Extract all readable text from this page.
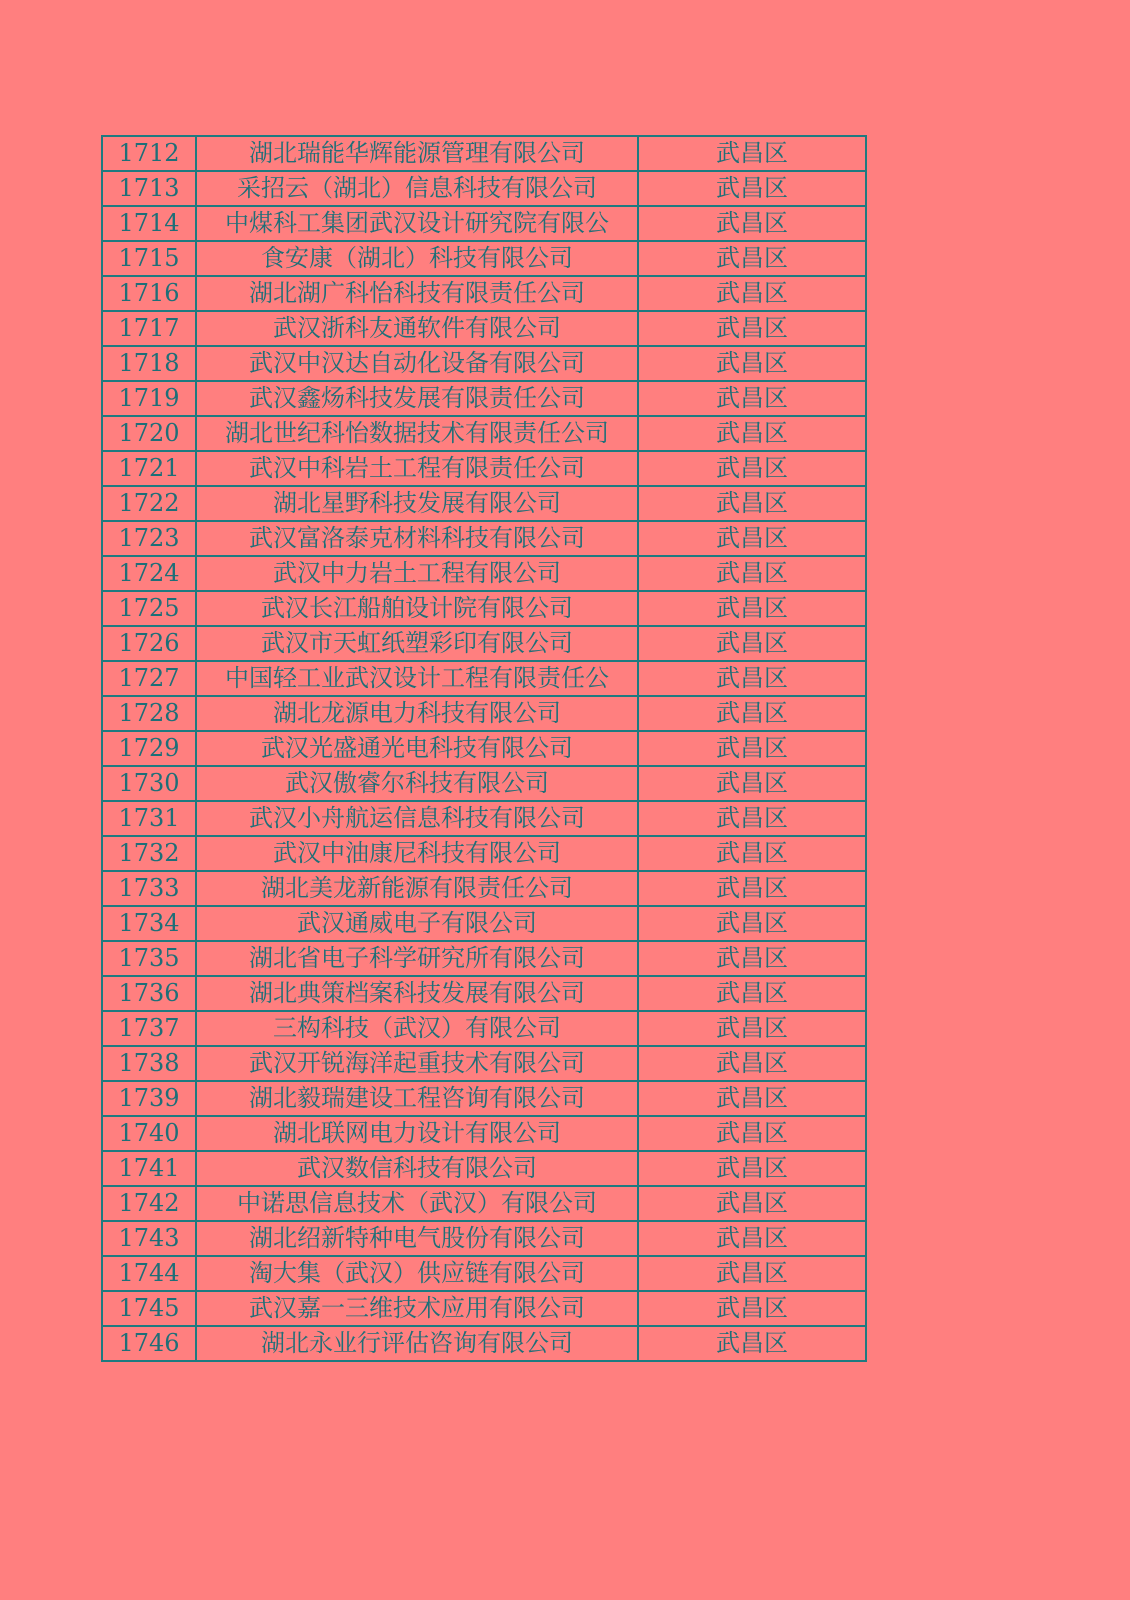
1712	湖北瑞能华辉能源管理有限公司	武昌区
1713	采招云（湖北）信息科技有限公司	武昌区
1714	中煤科工集团武汉设计研究院有限公	武昌区
1715	食安康（湖北）科技有限公司	武昌区
1716	湖北湖广科怡科技有限责任公司	武昌区
1717	武汉浙科友通软件有限公司	武昌区
1718	武汉中汉达自动化设备有限公司	武昌区
1719	武汉鑫炀科技发展有限责任公司	武昌区
1720	湖北世纪科怡数据技术有限责任公司	武昌区
1721	武汉中科岩土工程有限责任公司	武昌区
1722	湖北星野科技发展有限公司	武昌区
1723	武汉富洛泰克材料科技有限公司	武昌区
1724	武汉中力岩土工程有限公司	武昌区
1725	武汉长江船舶设计院有限公司	武昌区
1726	武汉市天虹纸塑彩印有限公司	武昌区
1727	中国轻工业武汉设计工程有限责任公	武昌区
1728	湖北龙源电力科技有限公司	武昌区
1729	武汉光盛通光电科技有限公司	武昌区
1730	武汉傲睿尔科技有限公司	武昌区
1731	武汉小舟航运信息科技有限公司	武昌区
1732	武汉中油康尼科技有限公司	武昌区
1733	湖北美龙新能源有限责任公司	武昌区
1734	武汉通威电子有限公司	武昌区
1735	湖北省电子科学研究所有限公司	武昌区
1736	湖北典策档案科技发展有限公司	武昌区
1737	三构科技（武汉）有限公司	武昌区
1738	武汉开锐海洋起重技术有限公司	武昌区
1739	湖北毅瑞建设工程咨询有限公司	武昌区
1740	湖北联网电力设计有限公司	武昌区
1741	武汉数信科技有限公司	武昌区
1742	中诺思信息技术（武汉）有限公司	武昌区
1743	湖北绍新特种电气股份有限公司	武昌区
1744	淘大集（武汉）供应链有限公司	武昌区
1745	武汉嘉一三维技术应用有限公司	武昌区
1746	湖北永业行评估咨询有限公司	武昌区
